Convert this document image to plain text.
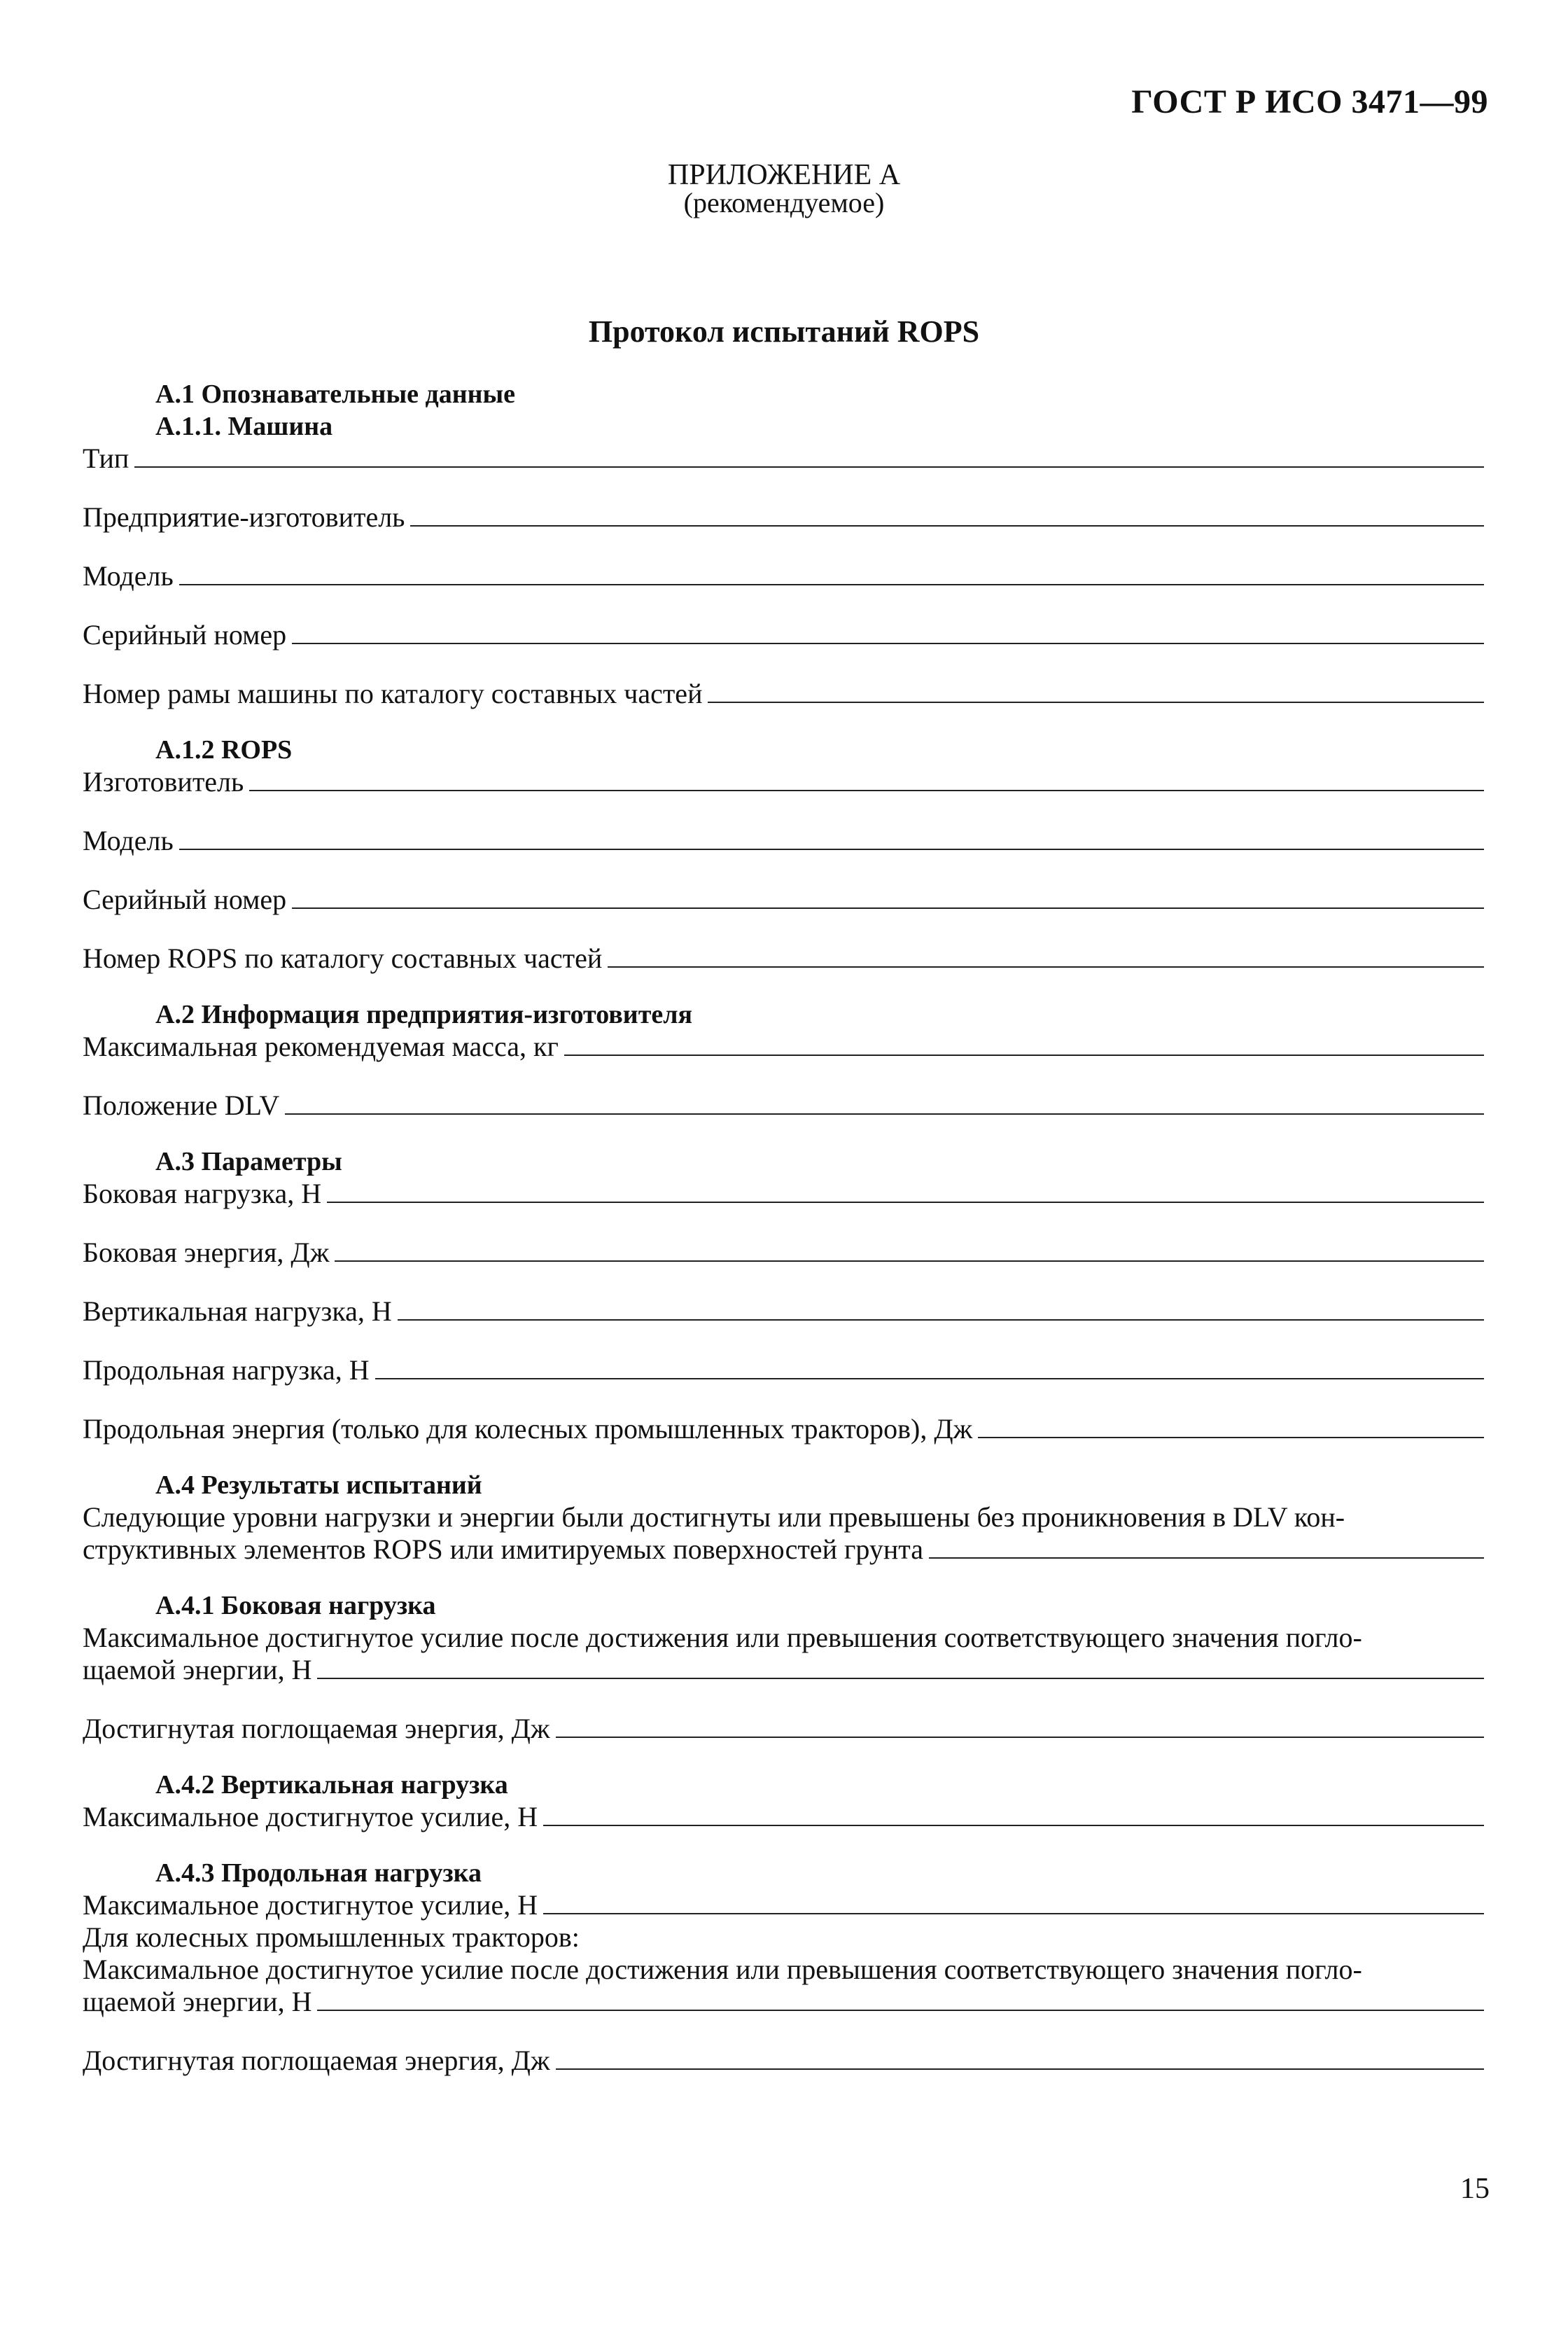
ГОСТ Р ИСО 3471—99
ПРИЛОЖЕНИЕ А
(рекомендуемое)
Протокол испытаний ROPS
А.1 Опознавательные данные
А.1.1. Машина
Тип
Предприятие-изготовитель
Модель
Серийный номер
Номер рамы машины по каталогу составных частей
А.1.2 ROPS
Изготовитель
Модель
Серийный номер
Номер ROPS по каталогу составных частей
А.2 Информация предприятия-изготовителя
Максимальная рекомендуемая масса, кг
Положение DLV
А.3 Параметры
Боковая нагрузка, Н
Боковая энергия, Дж
Вертикальная нагрузка, Н
Продольная нагрузка, Н
Продольная энергия (только для колесных промышленных тракторов), Дж
А.4 Результаты испытаний
Следующие уровни нагрузки и энергии были достигнуты или превышены без проникновения в DLV кон-
структивных элементов ROPS или имитируемых поверхностей грунта
А.4.1 Боковая нагрузка
Максимальное достигнутое усилие после достижения или превышения соответствующего значения погло-
щаемой энергии, Н
Достигнутая поглощаемая энергия, Дж
А.4.2 Вертикальная нагрузка
Максимальное достигнутое усилие, Н
А.4.3 Продольная нагрузка
Максимальное достигнутое усилие, Н
Для колесных промышленных тракторов:
Максимальное достигнутое усилие после достижения или превышения соответствующего значения погло-
щаемой энергии, Н
Достигнутая поглощаемая энергия, Дж
15
